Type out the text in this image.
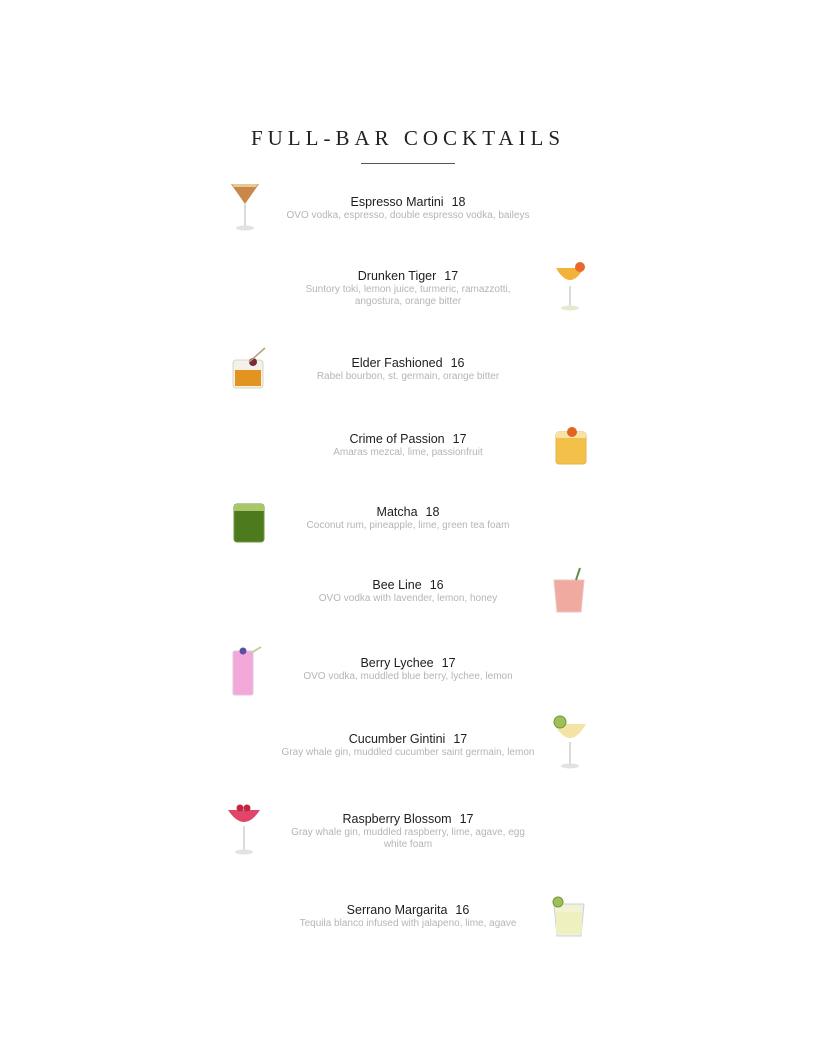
FULL-BAR COCKTAILS
Espresso Martini 18
OVO vodka, espresso, double espresso vodka, baileys
Drunken Tiger 17
Suntory toki, lemon juice, turmeric, ramazzotti, angostura, orange bitter
Elder Fashioned 16
Rabel bourbon, st. germain, orange bitter
Crime of Passion 17
Amaras mezcal, lime, passionfruit
Matcha 18
Coconut rum, pineapple, lime, green tea foam
Bee Line 16
OVO vodka with lavender, lemon, honey
Berry Lychee 17
OVO vodka, muddled blue berry, lychee, lemon
Cucumber Gintini 17
Gray whale gin, muddled cucumber saint germain, lemon
Raspberry Blossom 17
Gray whale gin, muddled raspberry, lime, agave, egg white foam
Serrano Margarita 16
Tequila blanco infused with jalapeno, lime, agave
